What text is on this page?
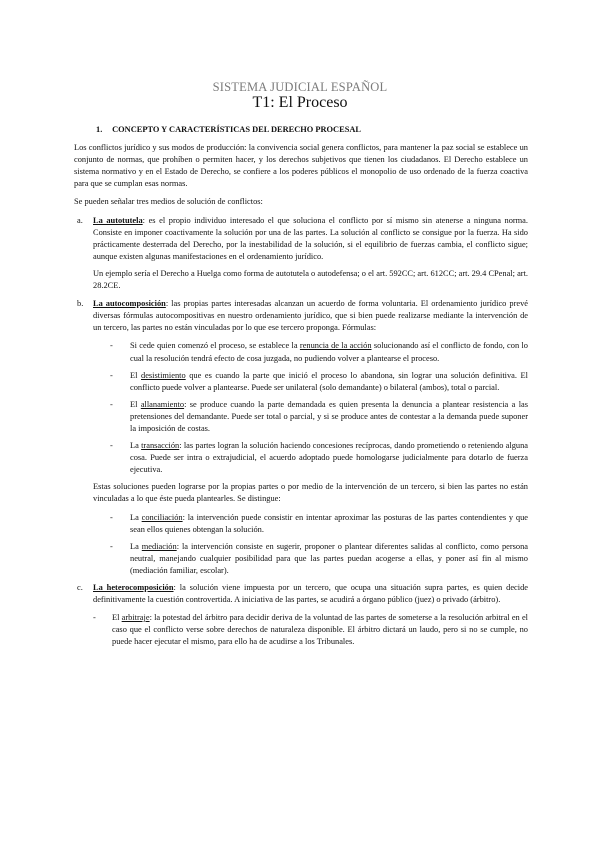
SISTEMA JUDICIAL ESPAÑOL
T1: El Proceso
1. CONCEPTO Y CARACTERÍSTICAS DEL DERECHO PROCESAL

Los conflictos jurídico y sus modos de producción: la convivencia social genera conflictos, para mantener la paz social se establece un conjunto de normas, que prohíben o permiten hacer, y los derechos subjetivos que tienen los ciudadanos. El Derecho establece un sistema normativo y en el Estado de Derecho, se confiere a los poderes públicos el monopolio de uso ordenado de la fuerza coactiva para que se cumplan esas normas.

Se pueden señalar tres medios de solución de conflictos:

a. La autotutela: es el propio individuo interesado el que soluciona el conflicto por sí mismo sin atenerse a ninguna norma. Consiste en imponer coactivamente la solución por una de las partes. La solución al conflicto se consigue por la fuerza. Ha sido prácticamente desterrada del Derecho, por la inestabilidad de la solución, si el equilibrio de fuerzas cambia, el conflicto sigue; aunque existen algunas manifestaciones en el ordenamiento jurídico.
Un ejemplo sería el Derecho a Huelga como forma de autotutela o autodefensa; o el art. 592CC; art. 612CC; art. 29.4 CPenal; art. 28.2CE.
b. La autocomposición: las propias partes interesadas alcanzan un acuerdo de forma voluntaria. El ordenamiento jurídico prevé diversas fórmulas autocompositivas en nuestro ordenamiento jurídico, que si bien puede realizarse mediante la intervención de un tercero, las partes no están vinculadas por lo que ese tercero proponga. Fórmulas:
- Si cede quien comenzó el proceso, se establece la renuncia de la acción solucionando así el conflicto de fondo, con lo cual la resolución tendrá efecto de cosa juzgada, no pudiendo volver a plantearse el proceso.
- El desistimiento que es cuando la parte que inició el proceso lo abandona, sin lograr una solución definitiva. El conflicto puede volver a plantearse. Puede ser unilateral (solo demandante) o bilateral (ambos), total o parcial.
- El allanamiento: se produce cuando la parte demandada es quien presenta la denuncia a plantear resistencia a las pretensiones del demandante. Puede ser total o parcial, y si se produce antes de contestar a la demanda puede suponer la imposición de costas.
- La transacción: las partes logran la solución haciendo concesiones recíprocas, dando prometiendo o reteniendo alguna cosa. Puede ser intra o extrajudicial, el acuerdo adoptado puede homologarse judicialmente para dotarlo de fuerza ejecutiva.

Estas soluciones pueden lograrse por la propias partes o por medio de la intervención de un tercero, si bien las partes no están vinculadas a lo que éste pueda plantearles. Se distingue:

- La conciliación: la intervención puede consistir en intentar aproximar las posturas de las partes contendientes y que sean ellos quienes obtengan la solución.
- La mediación: la intervención consiste en sugerir, proponer o plantear diferentes salidas al conflicto, como persona neutral, manejando cualquier posibilidad para que las partes puedan acogerse a ellas, y poner así fin al mismo (mediación familiar, escolar).
c. La heterocomposición: la solución viene impuesta por un tercero, que ocupa una situación supra partes, es quien decide definitivamente la cuestión controvertida. A iniciativa de las partes, se acudirá a órgano público (juez) o privado (árbitro).
- El arbitraje: la potestad del árbitro para decidir deriva de la voluntad de las partes de someterse a la resolución arbitral en el caso que el conflicto verse sobre derechos de naturaleza disponible. El árbitro dictará un laudo, pero si no se cumple, no puede hacer ejecutar el mismo, para ello ha de acudirse a los Tribunales.
